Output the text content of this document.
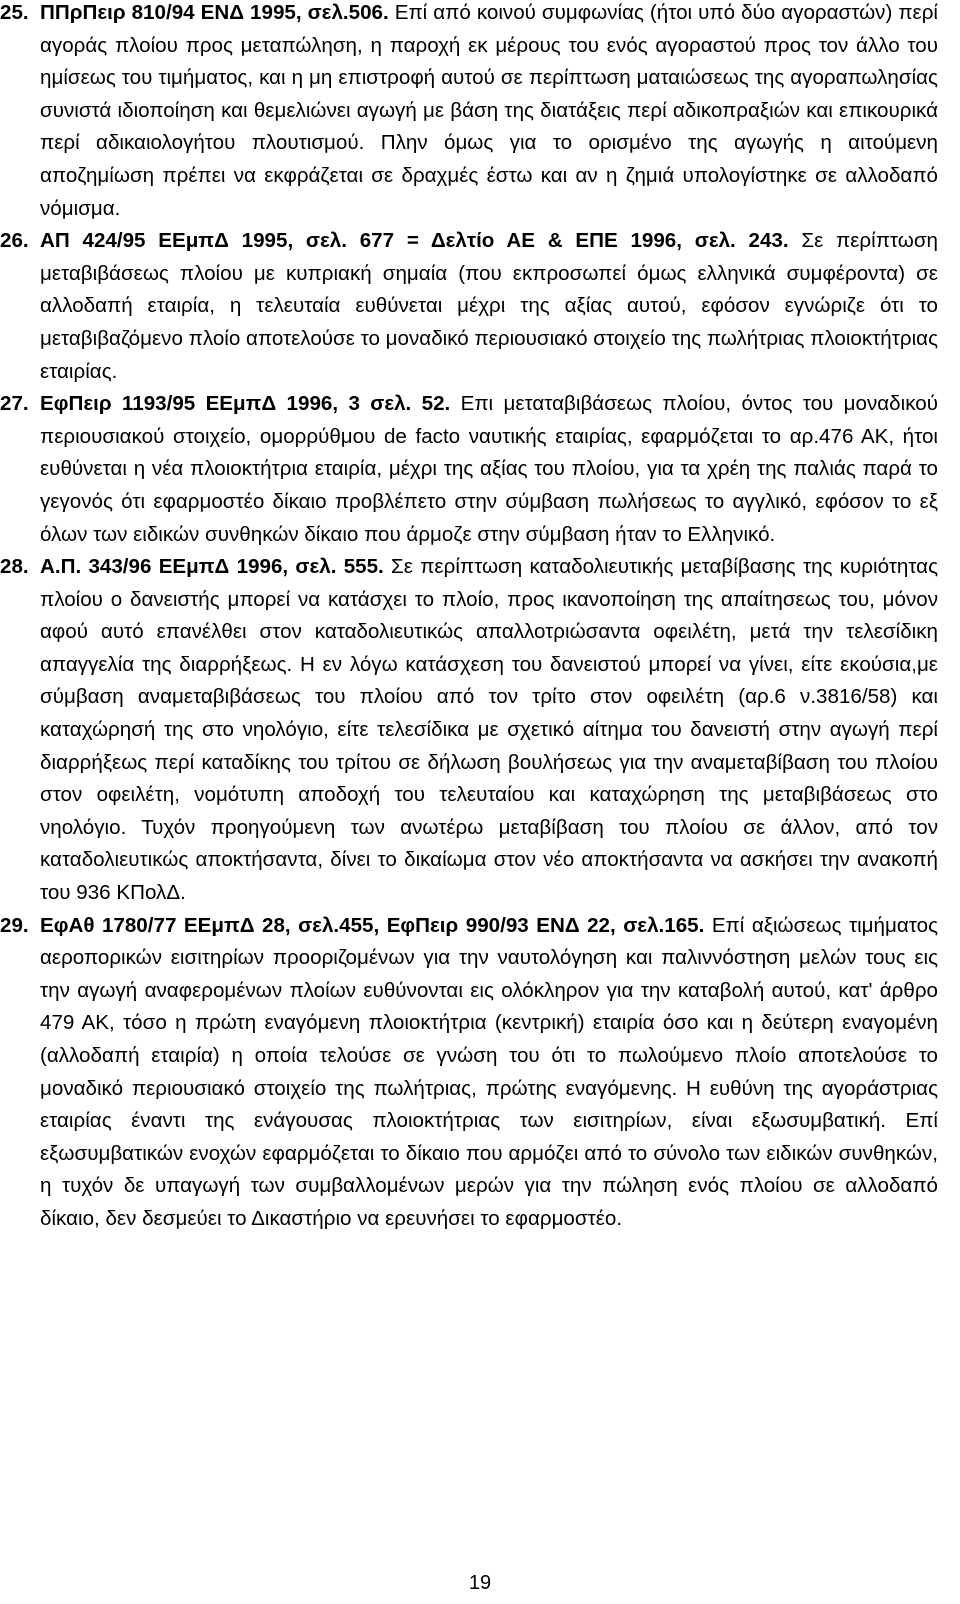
25. ΠΠρΠειρ 810/94 ΕΝΔ 1995, σελ.506. Επί από κοινού συμφωνίας (ήτοι υπό δύο αγοραστών) περί αγοράς πλοίου προς μεταπώληση, η παροχή εκ μέρους του ενός αγοραστού προς τον άλλο του ημίσεως του τιμήματος, και η μη επιστροφή αυτού σε περίπτωση ματαιώσεως της αγοραπωλησίας συνιστά ιδιοποίηση και θεμελιώνει αγωγή με βάση της διατάξεις περί αδικοπραξιών και επικουρικά περί αδικαιολογήτου πλουτισμού. Πλην όμως για το ορισμένο της αγωγής η αιτούμενη αποζημίωση πρέπει να εκφράζεται σε δραχμές έστω και αν η ζημιά υπολογίστηκε σε αλλοδαπό νόμισμα.
26. ΑΠ 424/95 ΕΕμπΔ 1995, σελ. 677 = Δελτίο ΑΕ & ΕΠΕ 1996, σελ. 243. Σε περίπτωση μεταβιβάσεως πλοίου με κυπριακή σημαία (που εκπροσωπεί όμως ελληνικά συμφέροντα) σε αλλοδαπή εταιρία, η τελευταία ευθύνεται μέχρι της αξίας αυτού, εφόσον εγνώριζε ότι το μεταβιβαζόμενο πλοίο αποτελούσε το μοναδικό περιουσιακό στοιχείο της πωλήτριας πλοιοκτήτριας εταιρίας.
27. ΕφΠειρ 1193/95 ΕΕμπΔ 1996, 3 σελ. 52. Επι μεταταβιβάσεως πλοίου, όντος του μοναδικού περιουσιακού στοιχείο, ομορρύθμου de facto ναυτικής εταιρίας, εφαρμόζεται το αρ.476 ΑΚ, ήτοι ευθύνεται η νέα πλοιοκτήτρια εταιρία, μέχρι της αξίας του πλοίου, για τα χρέη της παλιάς παρά το γεγονός ότι εφαρμοστέο δίκαιο προβλέπετο στην σύμβαση πωλήσεως το αγγλικό, εφόσον το εξ όλων των ειδικών συνθηκών δίκαιο που άρμοζε στην σύμβαση ήταν το Ελληνικό.
28. Α.Π. 343/96 ΕΕμπΔ 1996, σελ. 555. Σε περίπτωση καταδολιευτικής μεταβίβασης της κυριότητας πλοίου ο δανειστής μπορεί να κατάσχει το πλοίο, προς ικανοποίηση της απαίτησεως του, μόνον αφού αυτό επανέλθει στον καταδολιευτικώς απαλλοτριώσαντα οφειλέτη, μετά την τελεσίδικη απαγγελία της διαρρήξεως. Η εν λόγω κατάσχεση του δανειστού μπορεί να γίνει, είτε εκούσια,με σύμβαση αναμεταβιβάσεως του πλοίου από τον τρίτο στον οφειλέτη (αρ.6 ν.3816/58) και καταχώρησή της στο νηολόγιο, είτε τελεσίδικα με σχετικό αίτημα του δανειστή στην αγωγή περί διαρρήξεως περί καταδίκης του τρίτου σε δήλωση βουλήσεως για την αναμεταβίβαση του πλοίου στον οφειλέτη, νομότυπη αποδοχή του τελευταίου και καταχώρηση της μεταβιβάσεως στο νηολόγιο. Τυχόν προηγούμενη των ανωτέρω μεταβίβαση του πλοίου σε άλλον, από τον καταδολιευτικώς αποκτήσαντα, δίνει το δικαίωμα στον νέο αποκτήσαντα να ασκήσει την ανακοπή του 936 ΚΠολΔ.
29. ΕφΑθ 1780/77 ΕΕμπΔ 28, σελ.455, ΕφΠειρ 990/93 ΕΝΔ 22, σελ.165. Επί αξιώσεως τιμήματος αεροπορικών εισιτηρίων προοριζομένων για την ναυτολόγηση και παλιννόστηση μελών τους εις την αγωγή αναφερομένων πλοίων ευθύνονται εις ολόκληρον για την καταβολή αυτού, κατ' άρθρο 479 ΑΚ, τόσο η πρώτη εναγόμενη πλοιοκτήτρια (κεντρική) εταιρία όσο και η δεύτερη εναγομένη (αλλοδαπή εταιρία) η οποία τελούσε σε γνώση του ότι το πωλούμενο πλοίο αποτελούσε το μοναδικό περιουσιακό στοιχείο της πωλήτριας, πρώτης εναγόμενης. Η ευθύνη της αγοράστριας εταιρίας έναντι της ενάγουσας πλοιοκτήτριας των εισιτηρίων, είναι εξωσυμβατική. Επί εξωσυμβατικών ενοχών εφαρμόζεται το δίκαιο που αρμόζει από το σύνολο των ειδικών συνθηκών, η τυχόν δε υπαγωγή των συμβαλλομένων μερών για την πώληση ενός πλοίου σε αλλοδαπό δίκαιο, δεν δεσμεύει το Δικαστήριο να ερευνήσει το εφαρμοστέο.
19
